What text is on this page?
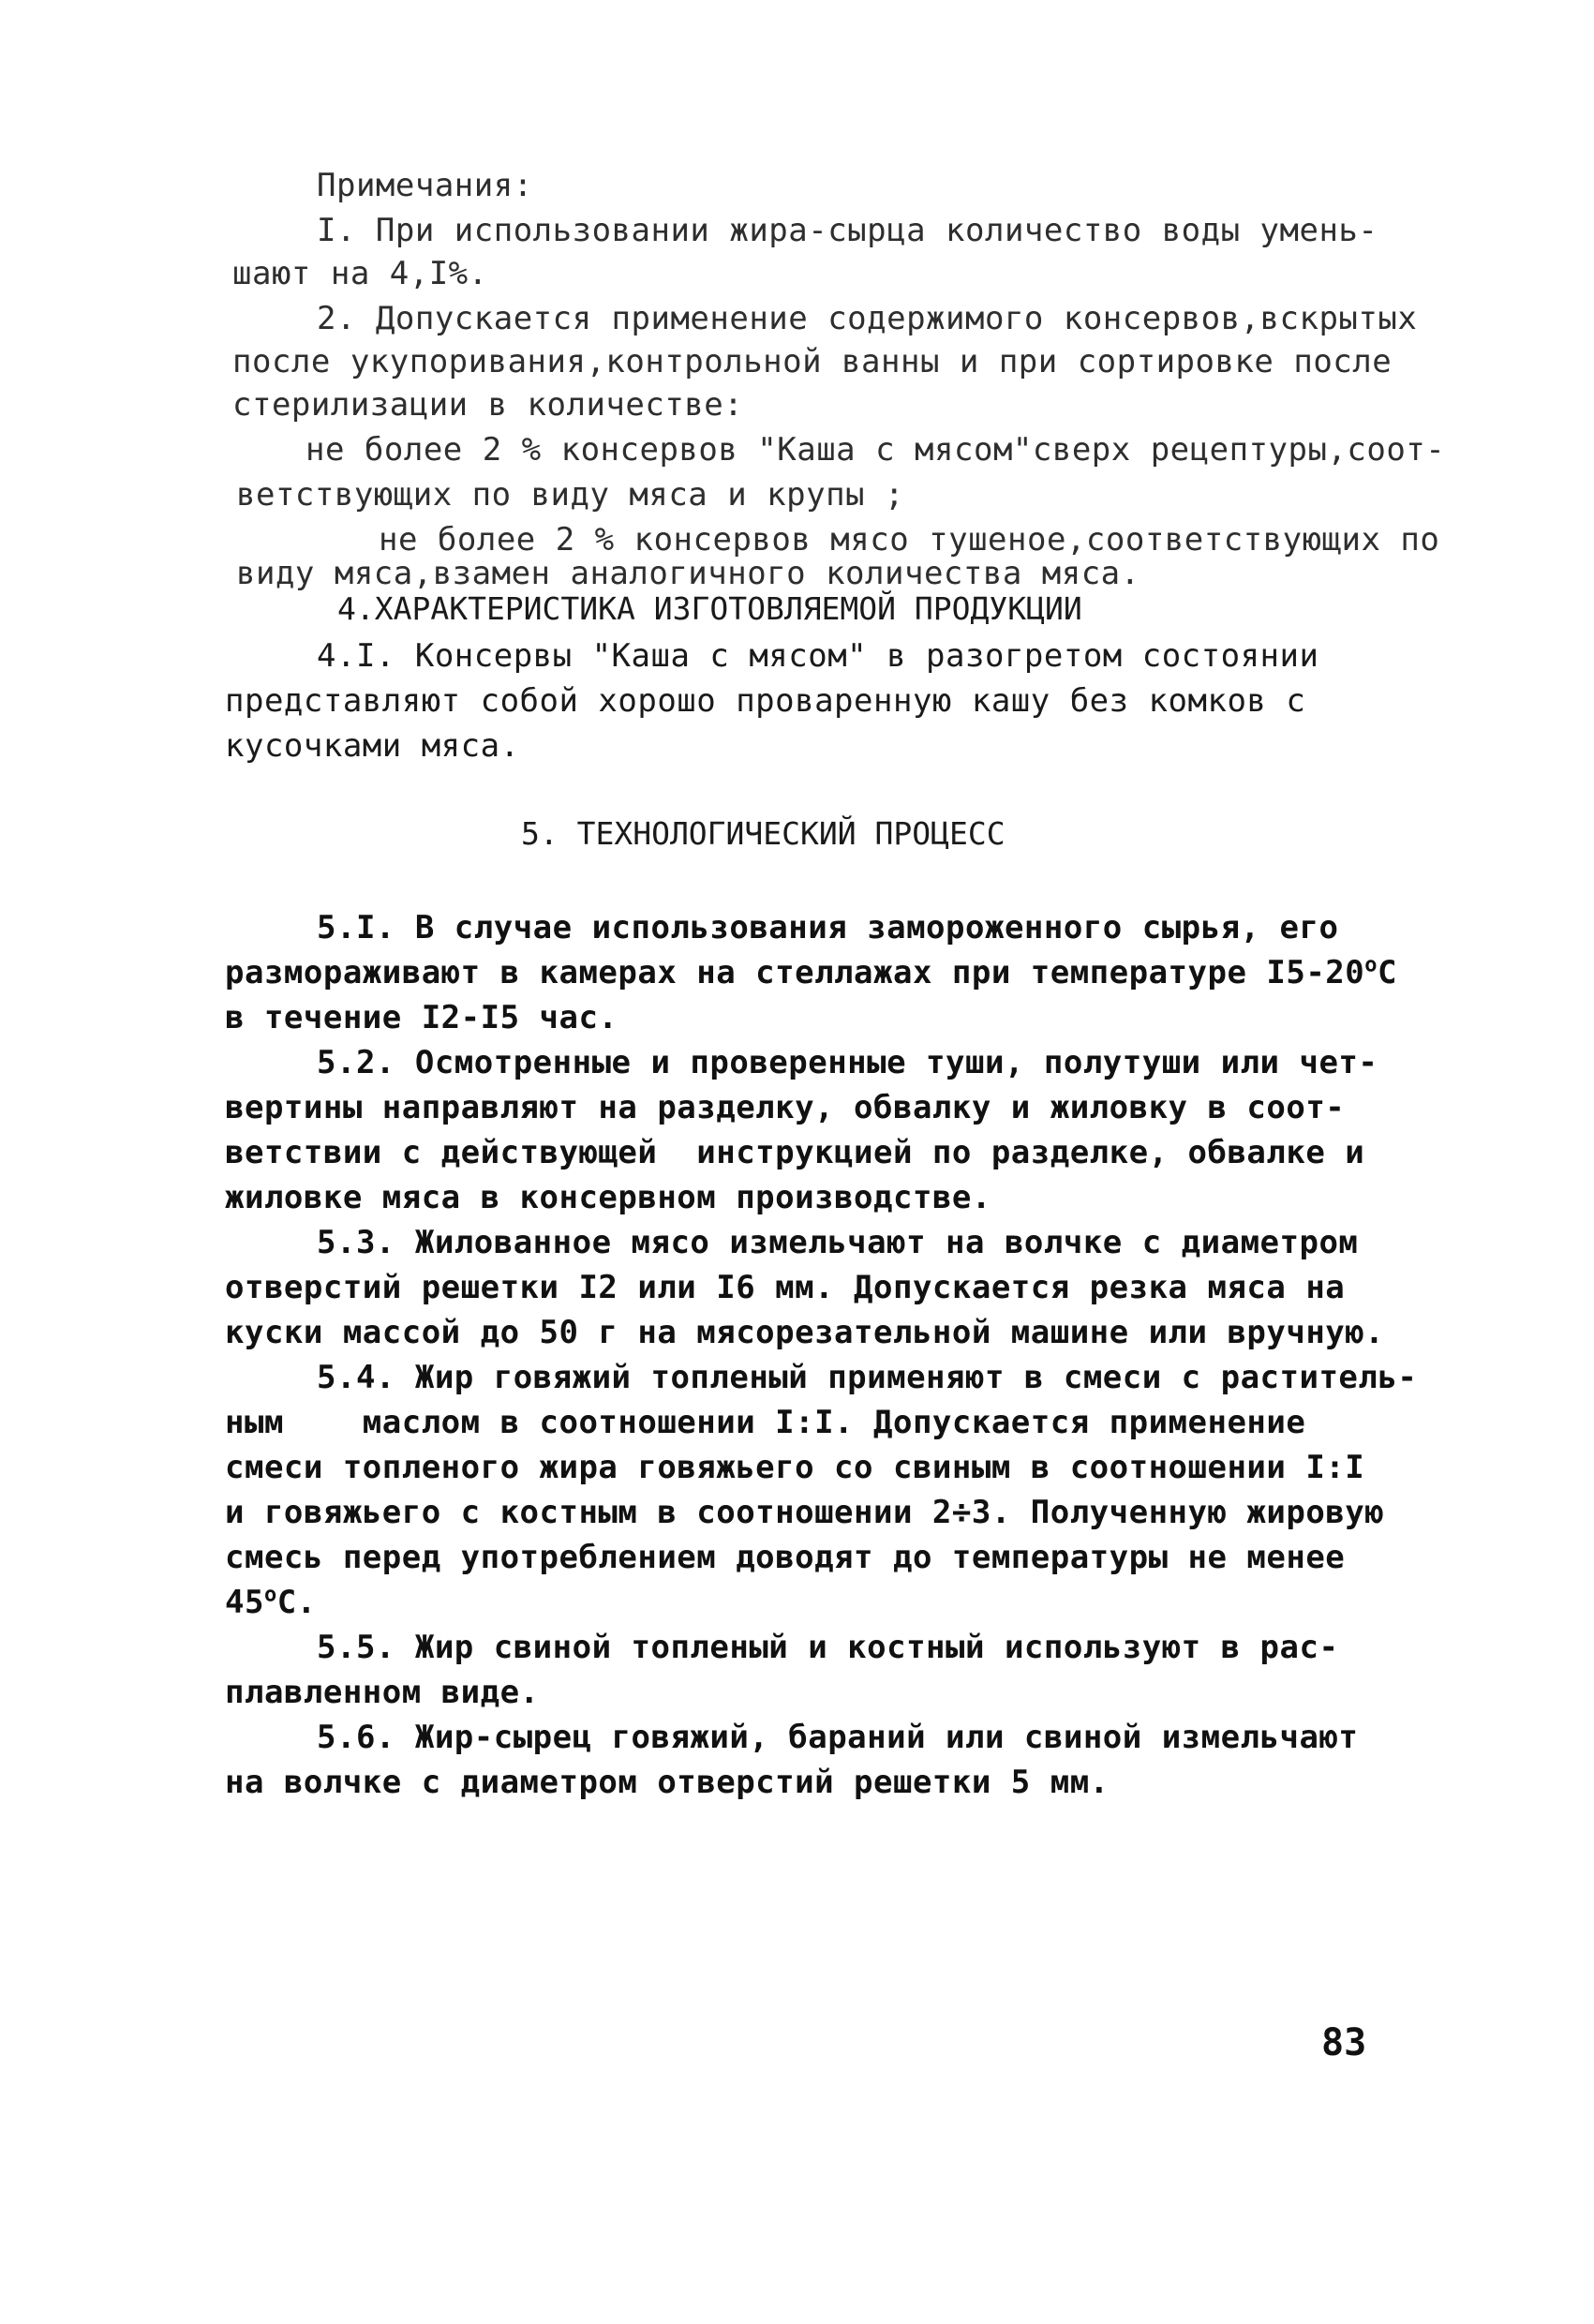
Примечания:
I. При использовании жира-сырца количество воды умень-
шают на 4,I%.
2. Допускается применение содержимого консервов,вскрытых
после укупоривания,контрольной ванны и при сортировке после
стерилизации в количестве:
не более 2 % консервов "Каша с мясом"сверх рецептуры,соот-
ветствующих по виду мяса и крупы ;
не более 2 % консервов мясо тушеное,соответствующих по
виду мяса,взамен аналогичного количества мяса.
4.ХАРАКТЕРИСТИКА ИЗГОТОВЛЯЕМОЙ ПРОДУКЦИИ
4.I. Консервы "Каша с мясом" в разогретом состоянии
представляют собой хорошо проваренную кашу без комков с
кусочками мяса.
5. ТЕХНОЛОГИЧЕСКИЙ ПРОЦЕСС
5.I. В случае использования замороженного сырья, его
размораживают в камерах на стеллажах при температуре $I5-20^оС$
в течение I2-I5 час.
5.2. Осмотренные и проверенные туши, полутуши или чет-
вертины направляют на разделку, обвалку и жиловку в соот-
ветствии с действующей  инструкцией по разделке, обвалке и
жиловке мяса в консервном производстве.
5.3. Жилованное мясо измельчают на волчке с диаметром
отверстий решетки I2 или I6 мм. Допускается резка мяса на
куски массой до 50 г на мясорезательной машине или вручную.
5.4. Жир говяжий топленый применяют в смеси с раститель-
ным    маслом в соотношении I:I. Допускается применение
смеси топленого жира говяжьего со свиным в соотношении I:I
и говяжьего с костным в соотношении 2÷3. Полученную жировую
смесь перед употреблением доводят до температуры не менее
$45^оС$.
5.5. Жир свиной топленый и костный используют в рас-
плавленном виде.
5.6. Жир-сырец говяжий, бараний или свиной измельчают
на волчке с диаметром отверстий решетки 5 мм.
83
